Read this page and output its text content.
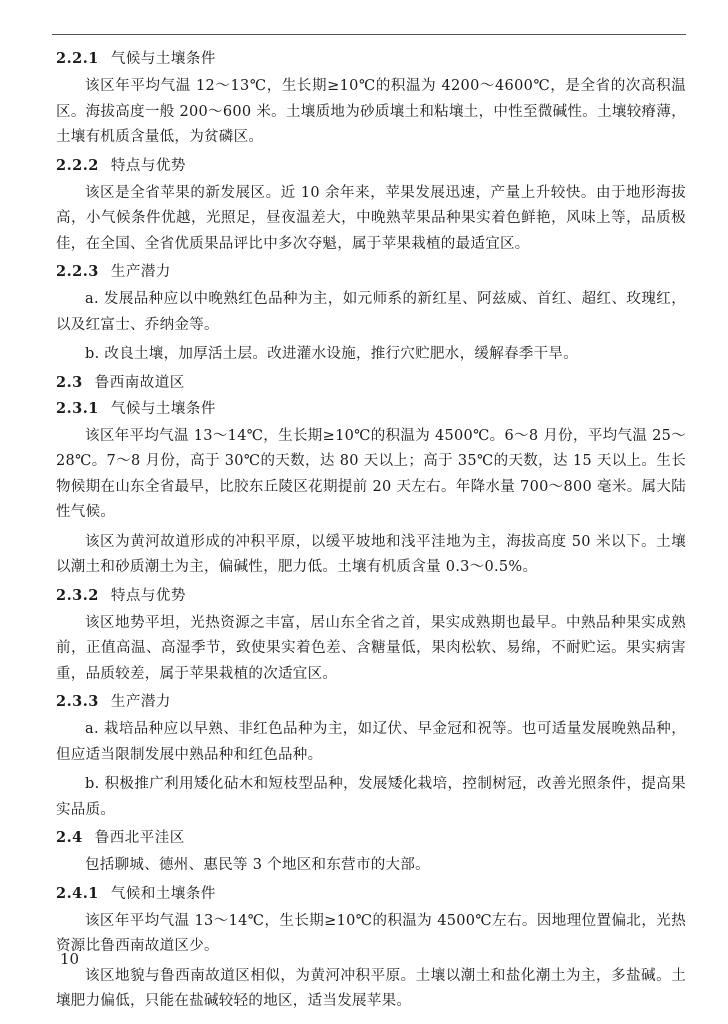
2.2.1 气候与土壤条件
该区年平均气温 12～13℃，生长期≥10℃的积温为 4200～4600℃，是全省的次高积温区。海拔高度一般 200～600 米。土壤质地为砂质壤土和粘壤土，中性至微碱性。土壤较瘠薄，土壤有机质含量低，为贫磷区。
2.2.2 特点与优势
该区是全省苹果的新发展区。近 10 余年来，苹果发展迅速，产量上升较快。由于地形海拔高，小气候条件优越，光照足，昼夜温差大，中晚熟苹果品种果实着色鲜艳，风味上等，品质极佳，在全国、全省优质果品评比中多次夺魁，属于苹果栽植的最适宜区。
2.2.3 生产潜力
a. 发展品种应以中晚熟红色品种为主，如元师系的新红星、阿兹威、首红、超红、玫瑰红，以及红富士、乔纳金等。
b. 改良土壤，加厚活土层。改进灌水设施，推行穴贮肥水，缓解春季干旱。
2.3 鲁西南故道区
2.3.1 气候与土壤条件
该区年平均气温 13～14℃，生长期≥10℃的积温为 4500℃。6～8 月份，平均气温 25～28℃。7～8 月份，高于 30℃的天数，达 80 天以上；高于 35℃的天数，达 15 天以上。生长物候期在山东全省最早，比胶东丘陵区花期提前 20 天左右。年降水量 700～800 毫米。属大陆性气候。
该区为黄河故道形成的冲积平原，以缓平坡地和浅平洼地为主，海拔高度 50 米以下。土壤以潮土和砂质潮土为主，偏碱性，肥力低。土壤有机质含量 0.3～0.5%。
2.3.2 特点与优势
该区地势平坦，光热资源之丰富，居山东全省之首，果实成熟期也最早。中熟品种果实成熟前，正值高温、高湿季节，致使果实着色差、含糖量低，果肉松软、易绵，不耐贮运。果实病害重，品质较差，属于苹果栽植的次适宜区。
2.3.3 生产潜力
a. 栽培品种应以早熟、非红色品种为主，如辽伏、早金冠和祝等。也可适量发展晚熟品种，但应适当限制发展中熟品种和红色品种。
b. 积极推广利用矮化砧木和短枝型品种，发展矮化栽培，控制树冠，改善光照条件，提高果实品质。
2.4 鲁西北平洼区
包括聊城、德州、惠民等 3 个地区和东营市的大部。
2.4.1 气候和土壤条件
该区年平均气温 13～14℃，生长期≥10℃的积温为 4500℃左右。因地理位置偏北，光热资源比鲁西南故道区少。
该区地貌与鲁西南故道区相似，为黄河冲积平原。土壤以潮土和盐化潮土为主，多盐碱。土壤肥力偏低，只能在盐碱较轻的地区，适当发展苹果。
10
